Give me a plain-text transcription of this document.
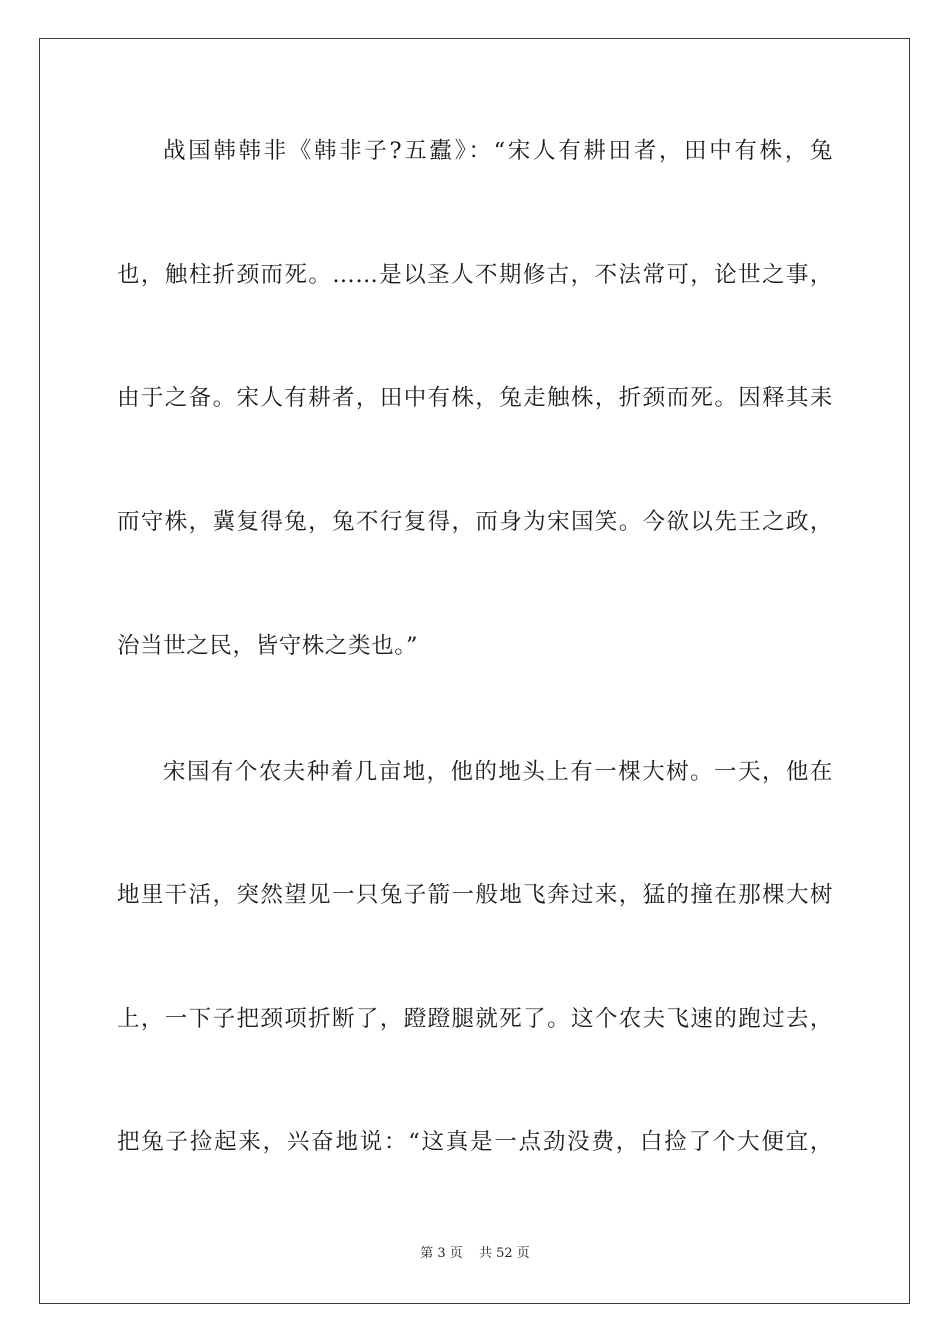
战国韩韩非《韩非子?五蠹》：“宋人有耕田者，田中有株，兔
也，触柱折颈而死。……是以圣人不期修古，不法常可，论世之事，
由于之备。宋人有耕者，田中有株，兔走触株，折颈而死。因释其耒
而守株，冀复得兔，兔不行复得，而身为宋国笑。今欲以先王之政，
治当世之民，皆守株之类也。”
宋国有个农夫种着几亩地，他的地头上有一棵大树。一天，他在
地里干活，突然望见一只兔子箭一般地飞奔过来，猛的撞在那棵大树
上，一下子把颈项折断了，蹬蹬腿就死了。这个农夫飞速的跑过去，
把兔子捡起来，兴奋地说：“这真是一点劲没费，白捡了个大便宜，
第 3 页 共 52 页
